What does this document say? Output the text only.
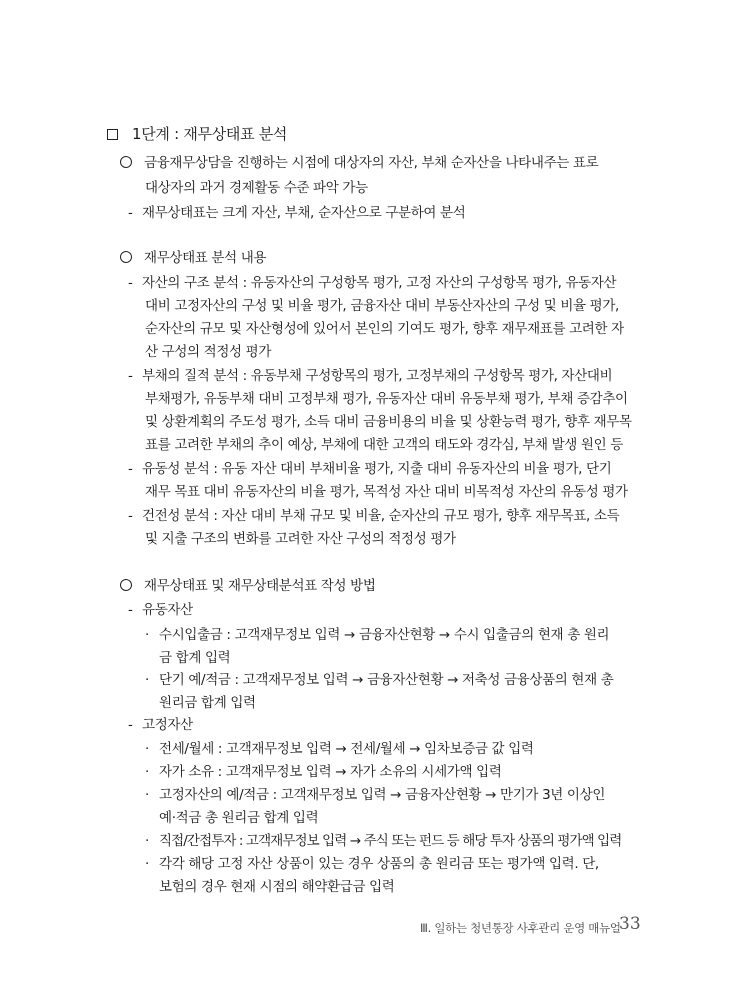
1단계 : 재무상태표 분석
금융재무상담을 진행하는 시점에 대상자의 자산, 부채 순자산을 나타내주는 표로
대상자의 과거 경제활동 수준 파악 가능
- 재무상태표는 크게 자산, 부채, 순자산으로 구분하여 분석
재무상태표 분석 내용
- 자산의 구조 분석 : 유동자산의 구성항목 평가, 고정 자산의 구성항목 평가, 유동자산
대비 고정자산의 구성 및 비율 평가, 금융자산 대비 부동산자산의 구성 및 비율 평가,
순자산의 규모 및 자산형성에 있어서 본인의 기여도 평가, 향후 재무재표를 고려한 자
산 구성의 적정성 평가
- 부채의 질적 분석 : 유동부채 구성항목의 평가, 고정부채의 구성항목 평가, 자산대비
부채평가, 유동부채 대비 고정부채 평가, 유동자산 대비 유동부채 평가, 부채 증감추이
및 상환계획의 주도성 평가, 소득 대비 금융비용의 비율 및 상환능력 평가, 향후 재무목
표를 고려한 부채의 추이 예상, 부채에 대한 고객의 태도와 경각심, 부채 발생 원인 등
- 유동성 분석 : 유동 자산 대비 부채비율 평가, 지출 대비 유동자산의 비율 평가, 단기
재무 목표 대비 유동자산의 비율 평가, 목적성 자산 대비 비목적성 자산의 유동성 평가
- 건전성 분석 : 자산 대비 부채 규모 및 비율, 순자산의 규모 평가, 향후 재무목표, 소득
및 지출 구조의 변화를 고려한 자산 구성의 적정성 평가
재무상태표 및 재무상태분석표 작성 방법
- 유동자산
· 수시입출금 : 고객재무정보 입력 → 금융자산현황 → 수시 입출금의 현재 총 원리
금 합계 입력
· 단기 예/적금 : 고객재무정보 입력 → 금융자산현황 → 저축성 금융상품의 현재 총
원리금 합계 입력
- 고정자산
· 전세/월세 : 고객재무정보 입력 → 전세/월세 → 임차보증금 값 입력
· 자가 소유 : 고객재무정보 입력 → 자가 소유의 시세가액 입력
· 고정자산의 예/적금 : 고객재무정보 입력 → 금융자산현황 → 만기가 3년 이상인
예·적금 총 원리금 합계 입력
· 직접/간접투자 : 고객재무정보 입력 → 주식 또는 펀드 등 해당 투자 상품의 평가액 입력
· 각각 해당 고정 자산 상품이 있는 경우 상품의 총 원리금 또는 평가액 입력. 단,
보험의 경우 현재 시점의 해약환급금 입력
Ⅲ. 일하는 청년통장 사후관리 운영 매뉴얼
33
